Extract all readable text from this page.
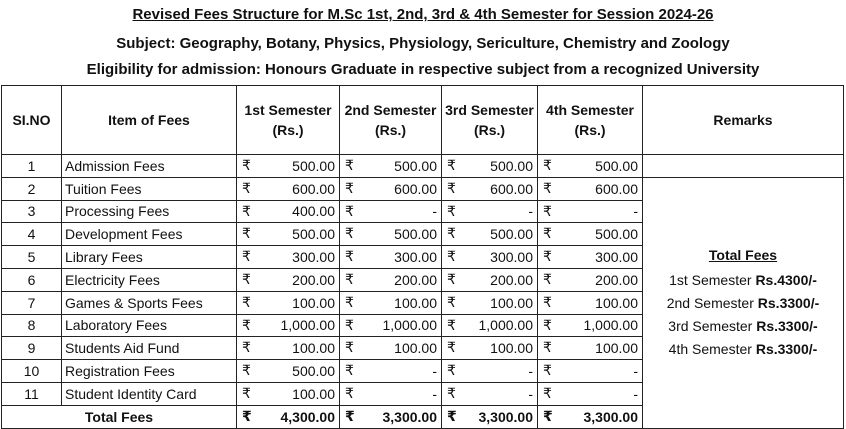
Revised Fees Structure for M.Sc 1st, 2nd, 3rd & 4th Semester for Session 2024-26
Subject: Geography, Botany, Physics, Physiology, Sericulture, Chemistry and Zoology
Eligibility for admission: Honours Graduate in respective subject from a recognized University
SI.NO	Item of Fees	1st Semester (Rs.)	2nd Semester (Rs.)	3rd Semester (Rs.)	4th Semester (Rs.)	Remarks
1	Admission Fees	₹ 500.00	₹ 500.00	₹ 500.00	₹ 500.00	

2	Tuition Fees	₹ 600.00	₹ 600.00	₹ 600.00	₹ 600.00	Total Fees
1st Semester Rs.4300/-
2nd Semester Rs.3300/-
3rd Semester Rs.3300/-
4th Semester Rs.3300/-

3	Processing Fees	₹ 400.00	₹ -	₹ -	₹ -	

4	Development Fees	₹ 500.00	₹ 500.00	₹ 500.00	₹ 500.00	

5	Library Fees	₹ 300.00	₹ 300.00	₹ 300.00	₹ 300.00	

6	Electricity Fees	₹ 200.00	₹ 200.00	₹ 200.00	₹ 200.00	

7	Games & Sports Fees	₹ 100.00	₹ 100.00	₹ 100.00	₹ 100.00	

8	Laboratory Fees	₹ 1,000.00	₹ 1,000.00	₹ 1,000.00	₹ 1,000.00	

9	Students Aid Fund	₹ 100.00	₹ 100.00	₹ 100.00	₹ 100.00	

10	Registration Fees	₹ 500.00	₹ -	₹ -	₹ -	

11	Student Identity Card	₹ 100.00	₹ -	₹ -	₹ -	

Total Fees		₹ 4,300.00	₹ 3,300.00	₹ 3,300.00	₹ 3,300.00	
